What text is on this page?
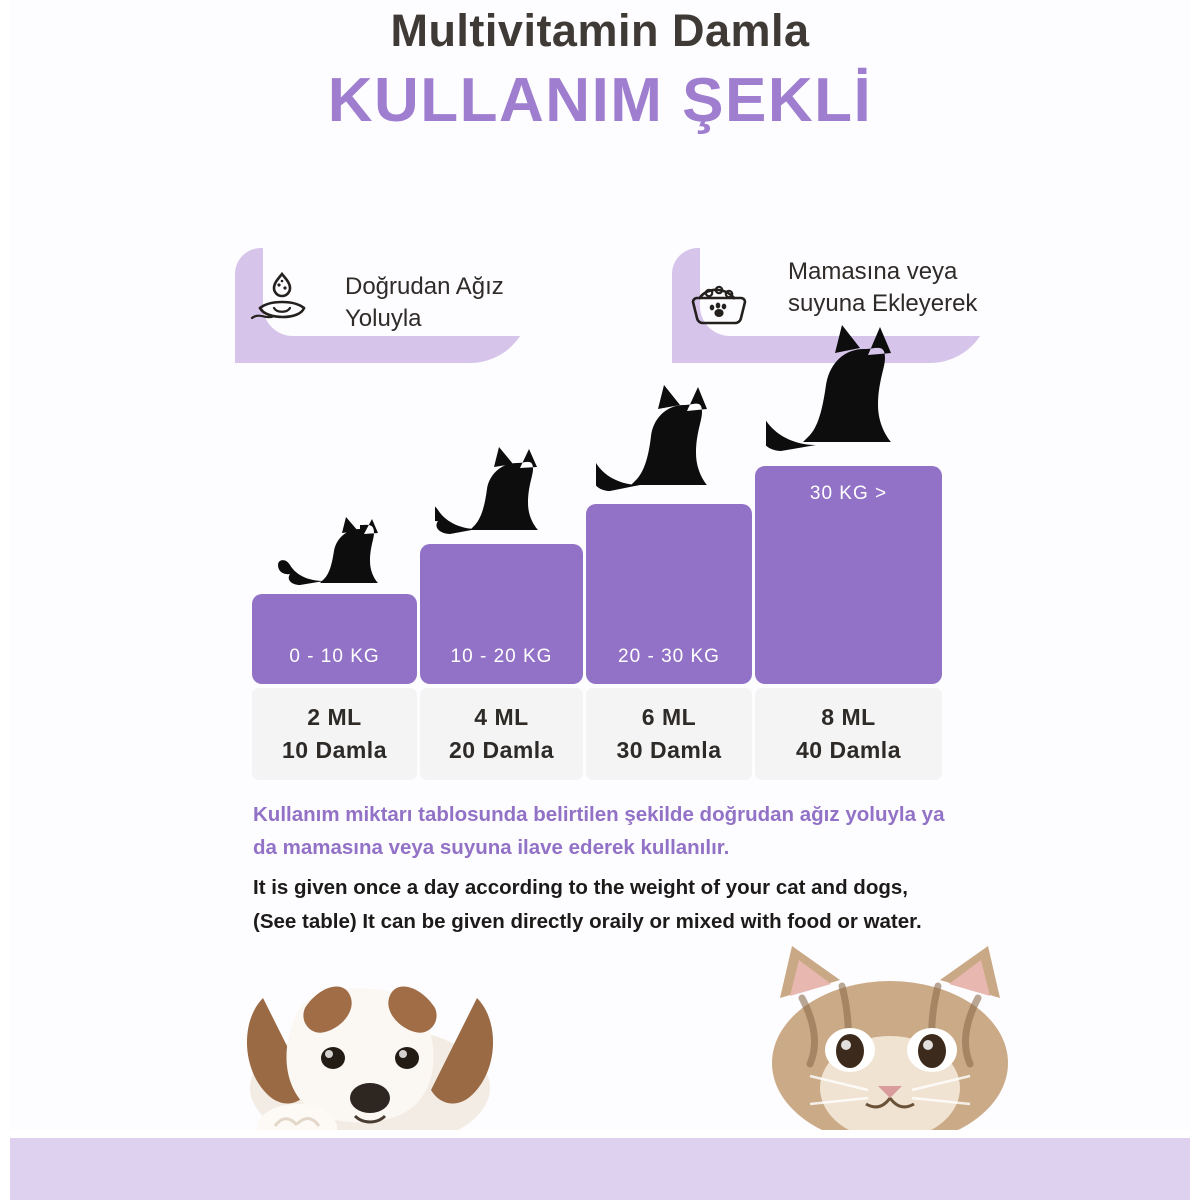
Multivitamin Damla
KULLANIM ŞEKLİ
Doğrudan Ağız Yoluyla
Mamasına veya suyuna Ekleyerek
0 - 10 KG
2 ML
10 Damla
10 - 20 KG
4 ML
20 Damla
20 - 30 KG
6 ML
30 Damla
30 KG >
8 ML
40 Damla
Kullanım miktarı tablosunda belirtilen şekilde doğrudan ağız yoluyla ya da mamasına veya suyuna ilave ederek kullanılır.
It is given once a day according to the weight of your cat and dogs, (See table) It can be given directly oraily or mixed with food or water.
